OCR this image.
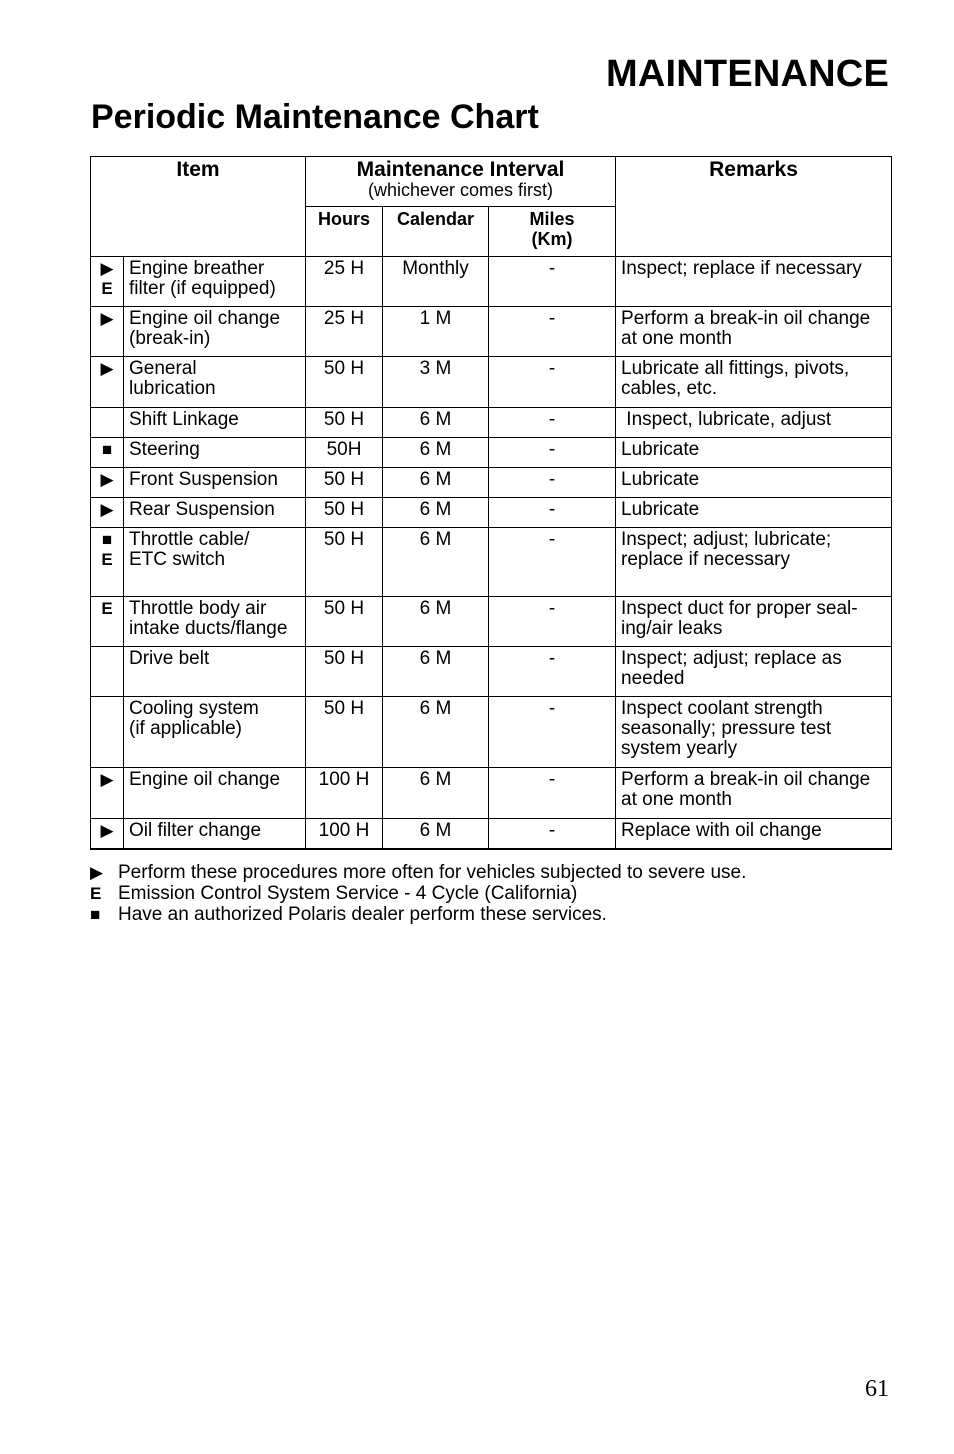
MAINTENANCE
Periodic Maintenance Chart
Item		Maintenance Interval
(whichever comes first)			Remarks

		Hours	Calendar	Miles
(Km)	

▶
E	Engine breather
filter (if equipped)	25 H	Monthly	-	Inspect; replace if necessary

▶	Engine oil change
(break-in)	25 H	1 M	-	Perform a break-in oil change
at one month

▶	General
lubrication	50 H	3 M	-	Lubricate all fittings, pivots,
cables, etc.

	Shift Linkage	50 H	6 M	-	Inspect, lubricate, adjust

■	Steering	50H	6 M	-	Lubricate

▶	Front Suspension	50 H	6 M	-	Lubricate

▶	Rear Suspension	50 H	6 M	-	Lubricate

■
E	Throttle cable/
ETC switch	50 H	6 M	-	Inspect; adjust; lubricate;
replace if necessary

E	Throttle body air
intake ducts/flange	50 H	6 M	-	Inspect duct for proper seal-
ing/air leaks

	Drive belt	50 H	6 M	-	Inspect; adjust; replace as
needed

	Cooling system
(if applicable)	50 H	6 M	-	Inspect coolant strength
seasonally; pressure test
system yearly

▶	Engine oil change	100 H	6 M	-	Perform a break-in oil change
at one month

▶	Oil filter change	100 H	6 M	-	Replace with oil change
▶ Perform these procedures more often for vehicles subjected to severe use.
E Emission Control System Service - 4 Cycle (California)
■ Have an authorized Polaris dealer perform these services.
61
